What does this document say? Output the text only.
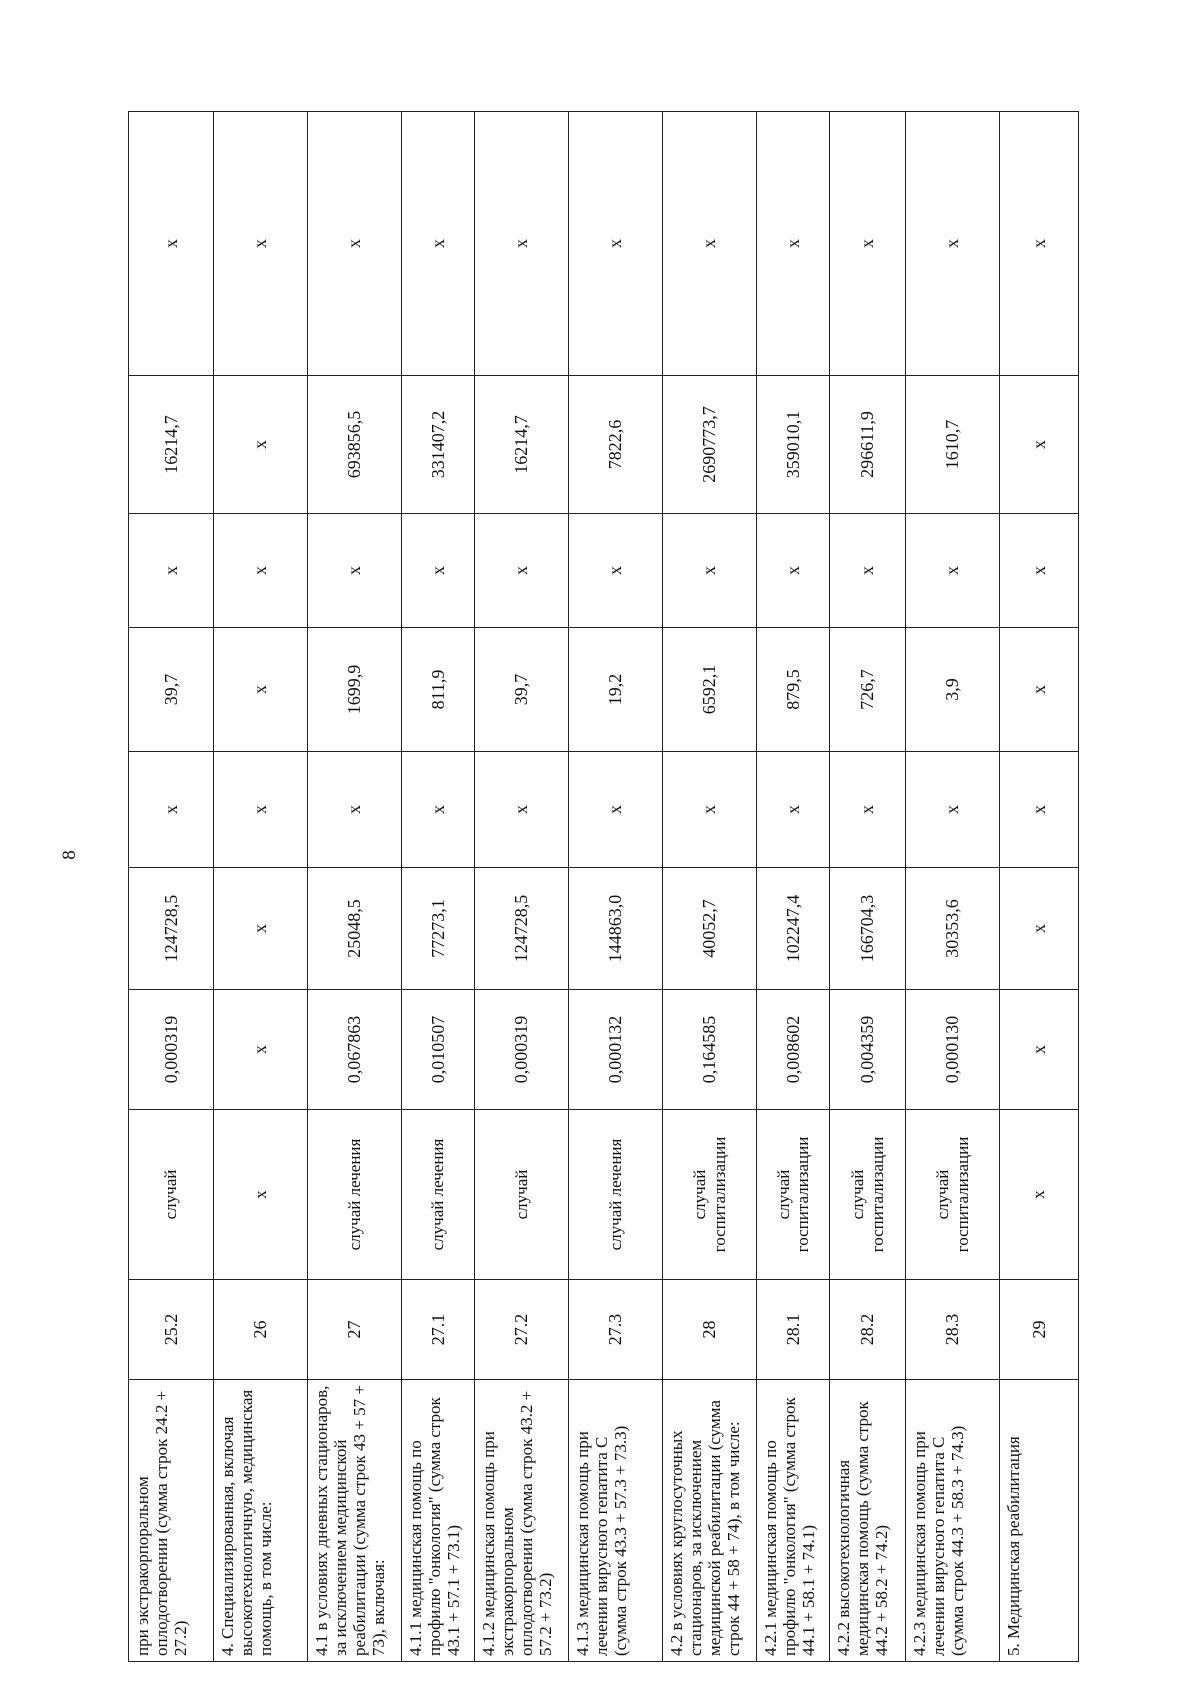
8
при экстракорпоральном оплодотворении (сумма строк 24.2 + 27.2)	25.2	случай	0,000319	124728,5	x	39,7	x	16214,7	x
4. Специализированная, включая высокотехнологичную, медицинская помощь, в том числе:	26	x	x	x	x	x	x	x	x
4.1 в условиях дневных стационаров, за исключением медицинской реабилитации (сумма строк 43 + 57 + 73), включая:	27	случай лечения	0,067863	25048,5	x	1699,9	x	693856,5	x
4.1.1 медицинская помощь по профилю "онкология" (сумма строк 43.1 + 57.1 + 73.1)	27.1	случай лечения	0,010507	77273,1	x	811,9	x	331407,2	x
4.1.2 медицинская помощь при экстракорпоральном оплодотворении (сумма строк 43.2 + 57.2 + 73.2)	27.2	случай	0,000319	124728,5	x	39,7	x	16214,7	x
4.1.3 медицинская помощь при лечении вирусного гепатита C (сумма строк 43.3 + 57.3 + 73.3)	27.3	случай лечения	0,000132	144863,0	x	19,2	x	7822,6	x
4.2 в условиях круглосуточных стационаров, за исключением медицинской реабилитации (сумма строк 44 + 58 + 74), в том числе:	28	случай госпитализации	0,164585	40052,7	x	6592,1	x	2690773,7	x
4.2.1 медицинская помощь по профилю "онкология" (сумма строк 44.1 + 58.1 + 74.1)	28.1	случай госпитализации	0,008602	102247,4	x	879,5	x	359010,1	x
4.2.2 высокотехнологичная медицинская помощь (сумма строк 44.2 + 58.2 + 74.2)	28.2	случай госпитализации	0,004359	166704,3	x	726,7	x	296611,9	x
4.2.3 медицинская помощь при лечении вирусного гепатита C (сумма строк 44.3 + 58.3 + 74.3)	28.3	случай госпитализации	0,000130	30353,6	x	3,9	x	1610,7	x
5. Медицинская реабилитация	29	x	x	x	x	x	x	x	x
